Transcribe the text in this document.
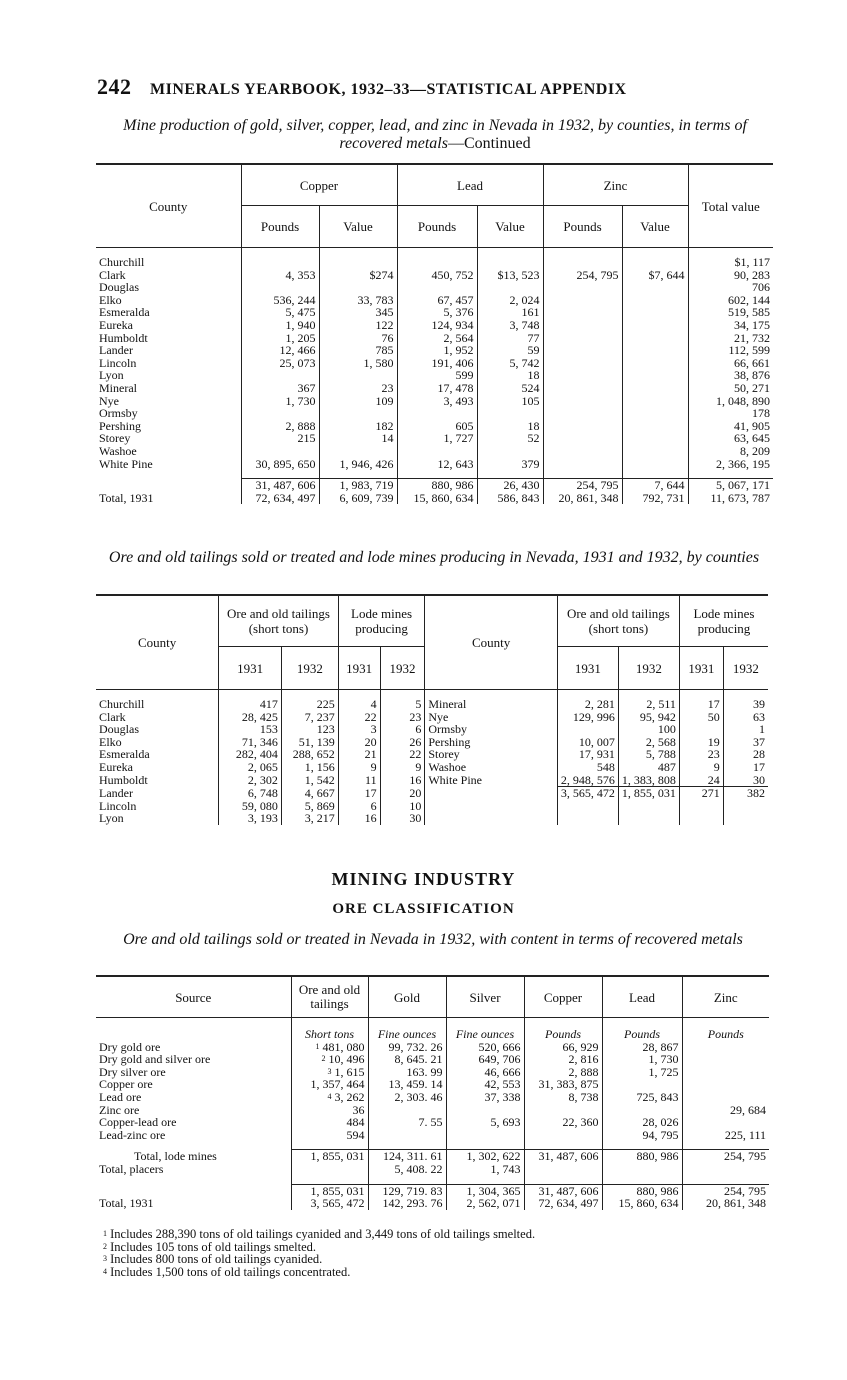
242 MINERALS YEARBOOK, 1932–33—STATISTICAL APPENDIX
Mine production of gold, silver, copper, lead, and zinc in Nevada in 1932, by counties, in terms of recovered metals—Continued
County	Copper		Lead		Zinc		Total value
	Pounds	Value	Pounds	Value	Pounds	Value	

Churchill							$1, 117
Clark	4, 353	$274	450, 752	$13, 523	254, 795	$7, 644	90, 283
Douglas							706
Elko	536, 244	33, 783	67, 457	2, 024			602, 144
Esmeralda	5, 475	345	5, 376	161			519, 585
Eureka	1, 940	122	124, 934	3, 748			34, 175
Humboldt	1, 205	76	2, 564	77			21, 732
Lander	12, 466	785	1, 952	59			112, 599
Lincoln	25, 073	1, 580	191, 406	5, 742			66, 661
Lyon			599	18			38, 876
Mineral	367	23	17, 478	524			50, 271
Nye	1, 730	109	3, 493	105			1, 048, 890
Ormsby							178
Pershing	2, 888	182	605	18			41, 905
Storey	215	14	1, 727	52			63, 645
Washoe							8, 209
White Pine	30, 895, 650	1, 946, 426	12, 643	379			2, 366, 195

	31, 487, 606	1, 983, 719	880, 986	26, 430	254, 795	7, 644	5, 067, 171
Total, 1931	72, 634, 497	6, 609, 739	15, 860, 634	586, 843	20, 861, 348	792, 731	11, 673, 787
Ore and old tailings sold or treated and lode mines producing in Nevada, 1931 and 1932, by counties
County	Ore and old tailings (short tons)		Lode mines producing		County	Ore and old tailings (short tons)		Lode mines producing	
	1931	1932	1931	1932		1931	1932	1931	1932

Churchill	417	225	4	5	Mineral	2, 281	2, 511	17	39
Clark	28, 425	7, 237	22	23	Nye	129, 996	95, 942	50	63
Douglas	153	123	3	6	Ormsby		100		1
Elko	71, 346	51, 139	20	26	Pershing	10, 007	2, 568	19	37
Esmeralda	282, 404	288, 652	21	22	Storey	17, 931	5, 788	23	28
Eureka	2, 065	1, 156	9	9	Washoe	548	487	9	17
Humboldt	2, 302	1, 542	11	16	White Pine	2, 948, 576	1, 383, 808	24	30
Lander	6, 748	4, 667	17	20		3, 565, 472	1, 855, 031	271	382
Lincoln	59, 080	5, 869	6	10					
Lyon	3, 193	3, 217	16	30					
MINING INDUSTRY
ORE CLASSIFICATION
Ore and old tailings sold or treated in Nevada in 1932, with content in terms of recovered metals
Source	Ore and old tailings	Gold	Silver	Copper	Lead	Zinc
	Short tons	Fine ounces	Fine ounces	Pounds	Pounds	Pounds
Dry gold ore	$^1$ 481, 080	99, 732. 26	520, 666	66, 929	28, 867	
Dry gold and silver ore	$^2$ 10, 496	8, 645. 21	649, 706	2, 816	1, 730	
Dry silver ore	$^3$ 1, 615	163. 99	46, 666	2, 888	1, 725	
Copper ore	1, 357, 464	13, 459. 14	42, 553	31, 383, 875		
Lead ore	$^4$ 3, 262	2, 303. 46	37, 338	8, 738	725, 843	
Zinc ore	36					29, 684
Copper-lead ore	484	7. 55	5, 693	22, 360	28, 026	
Lead-zinc ore	594				94, 795	225, 111

Total, lode mines	1, 855, 031	124, 311. 61	1, 302, 622	31, 487, 606	880, 986	254, 795
Total, placers		5, 408. 22	1, 743			

	1, 855, 031	129, 719. 83	1, 304, 365	31, 487, 606	880, 986	254, 795
Total, 1931	3, 565, 472	142, 293. 76	2, 562, 071	72, 634, 497	15, 860, 634	20, 861, 348
$^1$ Includes 288,390 tons of old tailings cyanided and 3,449 tons of old tailings smelted.
$^2$ Includes 105 tons of old tailings smelted.
$^3$ Includes 800 tons of old tailings cyanided.
$^4$ Includes 1,500 tons of old tailings concentrated.
